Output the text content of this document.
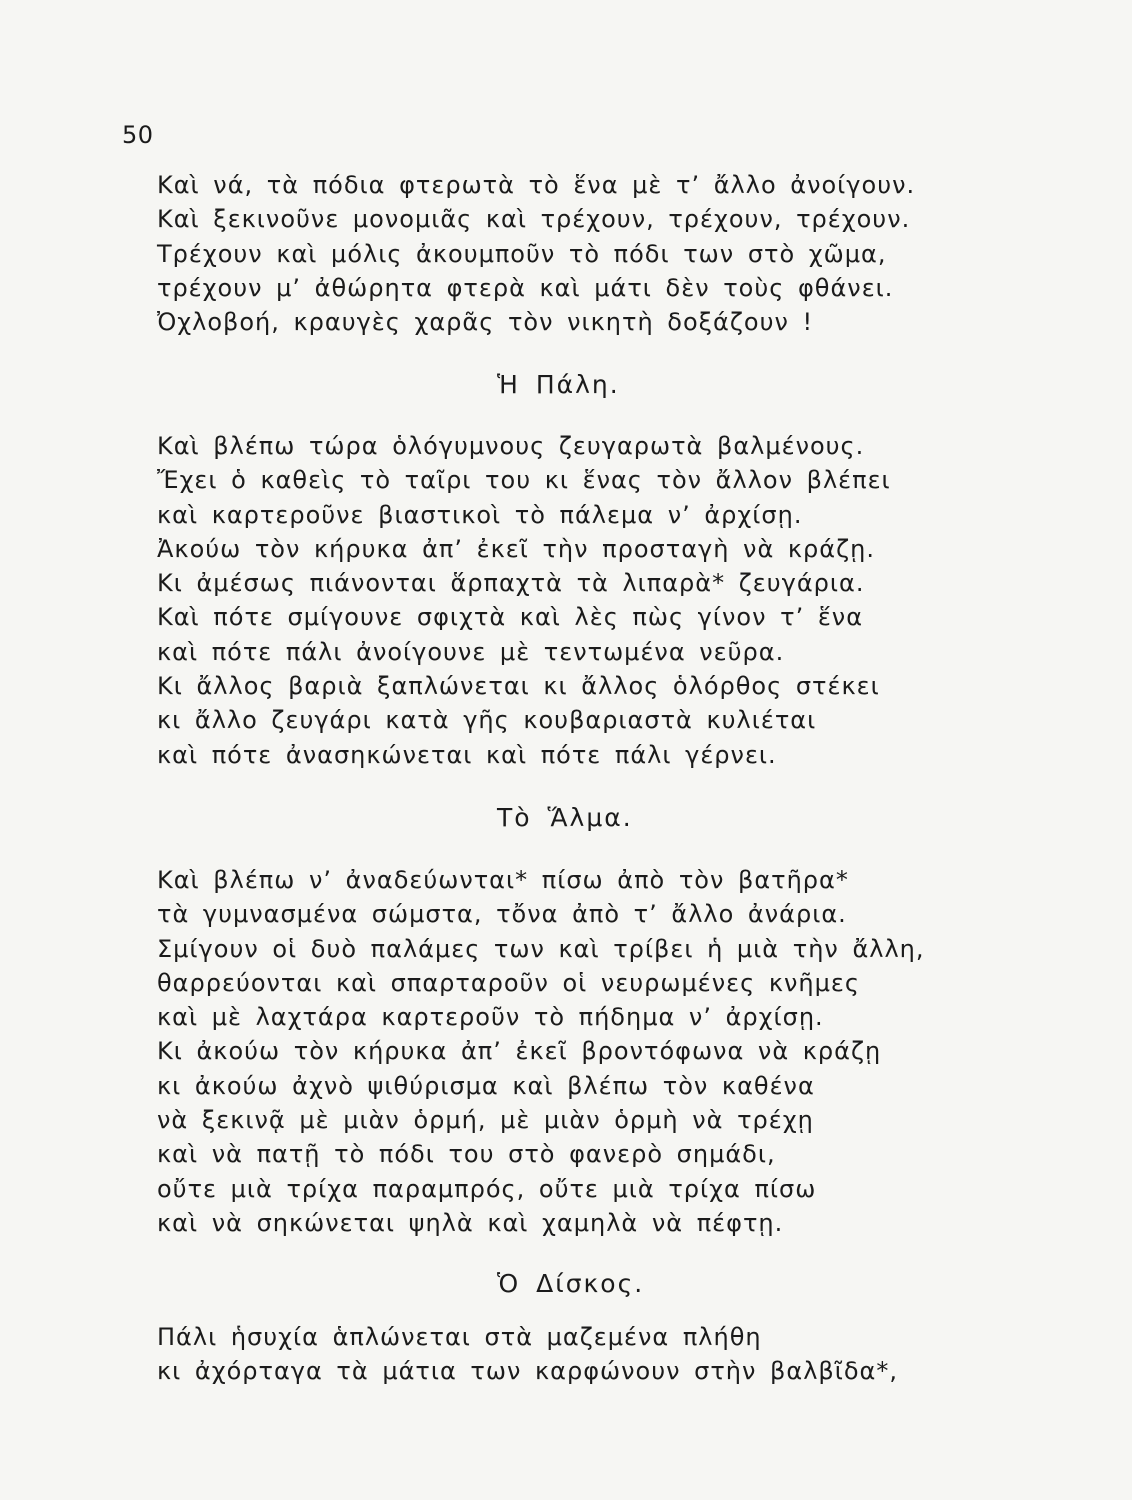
50
Καὶ νά, τὰ πόδια φτερωτὰ τὸ ἕνα μὲ τ’ ἄλλο ἀνοίγουν.
Καὶ ξεκινοῦνε μονομιᾶς καὶ τρέχουν, τρέχουν, τρέχουν.
Τρέχουν καὶ μόλις ἀκουμποῦν τὸ πόδι των στὸ χῶμα,
τρέχουν μ’ ἀθώρητα φτερὰ καὶ μάτι δὲν τοὺς φθάνει.
Ὀχλοβοή, κραυγὲς χαρᾶς τὸν νικητὴ δοξάζουν !
Ἡ Πάλη.
Καὶ βλέπω τώρα ὁλόγυμνους ζευγαρωτὰ βαλμένους.
Ἔχει ὁ καθεὶς τὸ ταῖρι του κι ἕνας τὸν ἄλλον βλέπει
καὶ καρτεροῦνε βιαστικοὶ τὸ πάλεμα ν’ ἀρχίσῃ.
Ἀκούω τὸν κήρυκα ἀπ’ ἐκεῖ τὴν προσταγὴ νὰ κράζῃ.
Κι ἀμέσως πιάνονται ἅρπαχτὰ τὰ λιπαρὰ* ζευγάρια.
Καὶ πότε σμίγουνε σφιχτὰ καὶ λὲς πὼς γίνον τ’ ἕνα
καὶ πότε πάλι ἀνοίγουνε μὲ τεντωμένα νεῦρα.
Κι ἄλλος βαριὰ ξαπλώνεται κι ἄλλος ὁλόρθος στέκει
κι ἄλλο ζευγάρι κατὰ γῆς κουβαριαστὰ κυλιέται
καὶ πότε ἀνασηκώνεται καὶ πότε πάλι γέρνει.
Τὸ Ἅλμα.
Καὶ βλέπω ν’ ἀναδεύωνται* πίσω ἀπὸ τὸν βατῆρα*
τὰ γυμνασμένα σώμστα, τὄνα ἀπὸ τ’ ἄλλο ἀνάρια.
Σμίγουν οἱ δυὸ παλάμες των καὶ τρίβει ἡ μιὰ τὴν ἄλλη,
θαρρεύονται καὶ σπαρταροῦν οἱ νευρωμένες κνῆμες
καὶ μὲ λαχτάρα καρτεροῦν τὸ πήδημα ν’ ἀρχίσῃ.
Κι ἀκούω τὸν κήρυκα ἀπ’ ἐκεῖ βροντόφωνα νὰ κράζῃ
κι ἀκούω ἀχνὸ ψιθύρισμα καὶ βλέπω τὸν καθένα
νὰ ξεκινᾷ μὲ μιὰν ὁρμή, μὲ μιὰν ὁρμὴ νὰ τρέχῃ
καὶ νὰ πατῇ τὸ πόδι του στὸ φανερὸ σημάδι,
οὔτε μιὰ τρίχα παραμπρός, οὔτε μιὰ τρίχα πίσω
καὶ νὰ σηκώνεται ψηλὰ καὶ χαμηλὰ νὰ πέφτῃ.
Ὁ Δίσκος.
Πάλι ἡσυχία ἁπλώνεται στὰ μαζεμένα πλήθη
κι ἀχόρταγα τὰ μάτια των καρφώνουν στὴν βαλβῖδα*,
